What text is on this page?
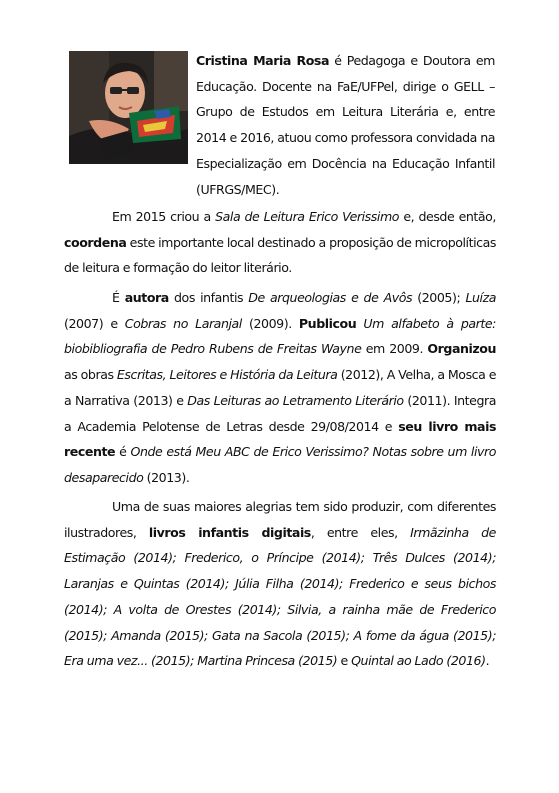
Cristina Maria Rosa é Pedagoga e Doutora em Educação. Docente na FaE/UFPel, dirige o GELL – Grupo de Estudos em Leitura Literária e, entre 2014 e 2016, atuou como professora convidada na Especialização em Docência na Educação Infantil (UFRGS/MEC).

Em 2015 criou a Sala de Leitura Erico Verissimo e, desde então, coordena este importante local destinado a proposição de micropolíticas de leitura e formação do leitor literário.

É autora dos infantis De arqueologias e de Avôs (2005); Luíza (2007) e Cobras no Laranjal (2009). Publicou Um alfabeto à parte: biobibliografia de Pedro Rubens de Freitas Wayne em 2009. Organizou as obras Escritas, Leitores e História da Leitura (2012), A Velha, a Mosca e a Narrativa (2013) e Das Leituras ao Letramento Literário (2011). Integra a Academia Pelotense de Letras desde 29/08/2014 e seu livro mais recente é Onde está Meu ABC de Erico Verissimo? Notas sobre um livro desaparecido (2013).

Uma de suas maiores alegrias tem sido produzir, com diferentes ilustradores, livros infantis digitais, entre eles, Irmãzinha de Estimação (2014); Frederico, o Príncipe (2014); Três Dulces (2014); Laranjas e Quintas (2014); Júlia Filha (2014); Frederico e seus bichos (2014); A volta de Orestes (2014); Silvia, a rainha mãe de Frederico (2015); Amanda (2015); Gata na Sacola (2015); A fome da água (2015); Era uma vez... (2015); Martina Princesa (2015) e Quintal ao Lado (2016).
